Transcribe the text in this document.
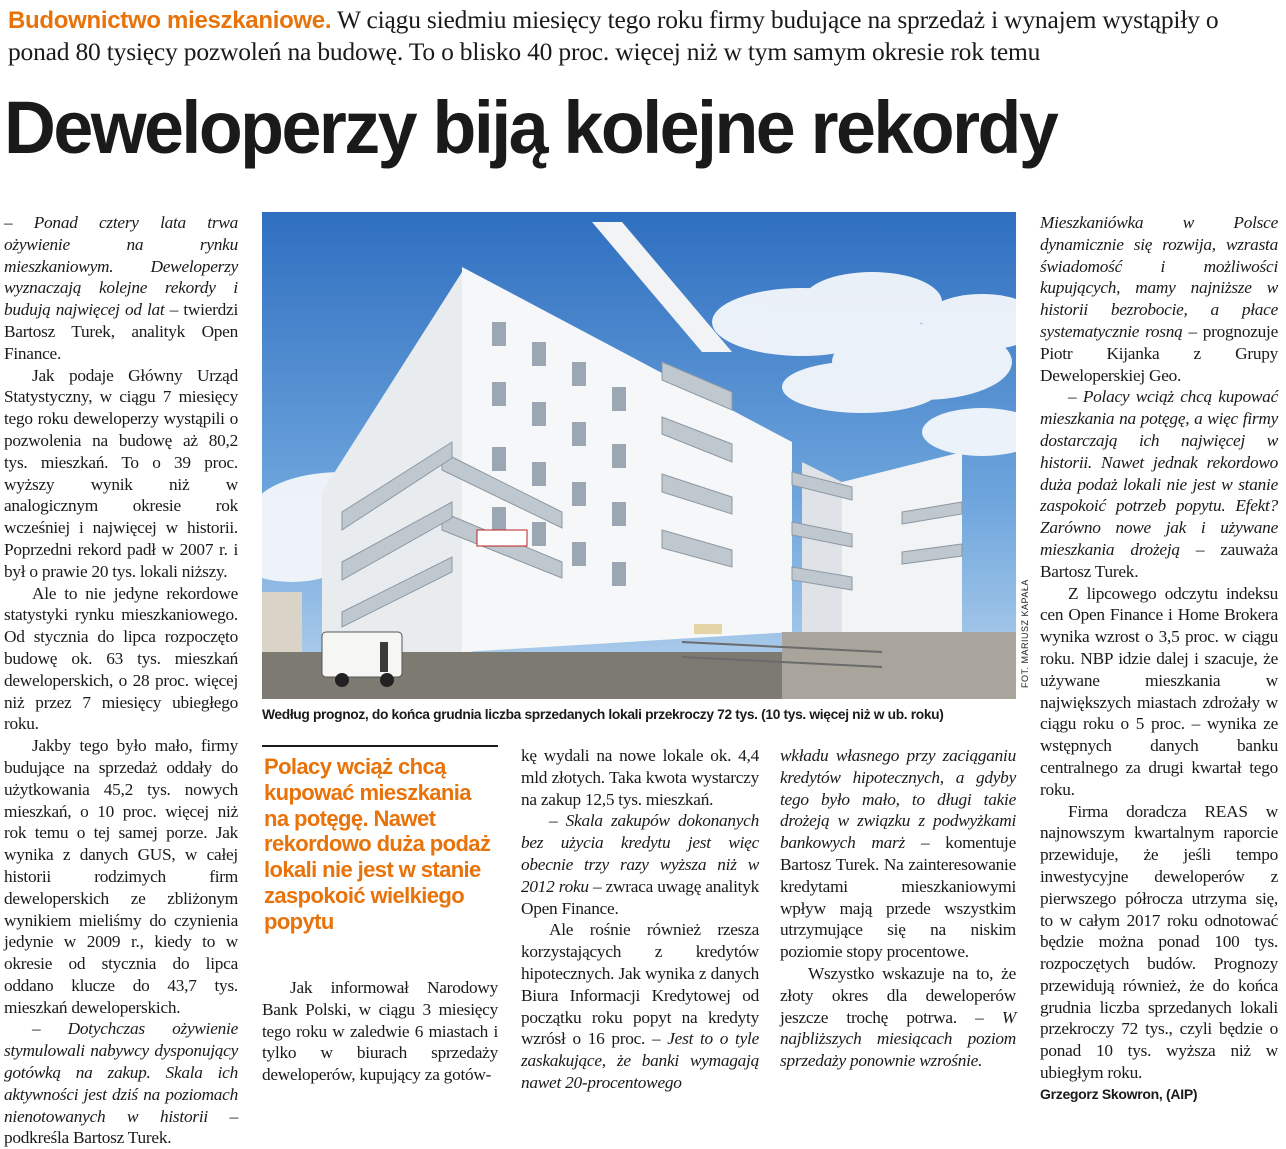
Budownictwo mieszkaniowe. W ciągu siedmiu miesięcy tego roku firmy budujące na sprzedaż i wynajem wystąpiły o ponad 80 tysięcy pozwoleń na budowę. To o blisko 40 proc. więcej niż w tym samym okresie rok temu
Deweloperzy biją kolejne rekordy

– Ponad cztery lata trwa ożywienie na rynku mieszkaniowym. Deweloperzy wyznaczają kolejne rekordy i budują najwięcej od lat – twierdzi Bartosz Turek, analityk Open Finance.

Jak podaje Główny Urząd Statystyczny, w ciągu 7 miesięcy tego roku deweloperzy wystąpili o pozwolenia na budowę aż 80,2 tys. mieszkań. To o 39 proc. wyższy wynik niż w analogicznym okresie rok wcześniej i najwięcej w historii. Poprzedni rekord padł w 2007 r. i był o prawie 20 tys. lokali niższy.

Ale to nie jedyne rekordowe statystyki rynku mieszkaniowego. Od stycznia do lipca rozpoczęto budowę ok. 63 tys. mieszkań deweloperskich, o 28 proc. więcej niż przez 7 miesięcy ubiegłego roku.

Jakby tego było mało, firmy budujące na sprzedaż oddały do użytkowania 45,2 tys. nowych mieszkań, o 10 proc. więcej niż rok temu o tej samej porze. Jak wynika z danych GUS, w całej historii rodzimych firm deweloperskich ze zbliżonym wynikiem mieliśmy do czynienia jedynie w 2009 r., kiedy to w okresie od stycznia do lipca oddano klucze do 43,7 tys. mieszkań deweloperskich.

– Dotychczas ożywienie stymulowali nabywcy dysponujący gotówką na zakup. Skala ich aktywności jest dziś na poziomach nienotowanych w historii – podkreśla Bartosz Turek.

FOT. MARIUSZ KAPAŁA
Według prognoz, do końca grudnia liczba sprzedanych lokali przekroczy 72 tys. (10 tys. więcej niż w ub. roku)
Polacy wciąż chcą kupować mieszkania na potęgę. Nawet rekordowo duża podaż lokali nie jest w stanie zaspokoić wielkiego popytu

Jak informował Narodowy Bank Polski, w ciągu 3 miesięcy tego roku w zaledwie 6 miastach i tylko w biurach sprzedaży deweloperów, kupujący za gotów-

kę wydali na nowe lokale ok. 4,4 mld złotych. Taka kwota wystarczy na zakup 12,5 tys. mieszkań.

– Skala zakupów dokonanych bez użycia kredytu jest więc obecnie trzy razy wyższa niż w 2012 roku – zwraca uwagę analityk Open Finance.

Ale rośnie również rzesza korzystających z kredytów hipotecznych. Jak wynika z danych Biura Informacji Kredytowej od początku roku popyt na kredyty wzrósł o 16 proc. – Jest to o tyle zaskakujące, że banki wymagają nawet 20-procentowego

wkładu własnego przy zaciąganiu kredytów hipotecznych, a gdyby tego było mało, to długi takie drożeją w związku z podwyżkami bankowych marż – komentuje Bartosz Turek. Na zainteresowanie kredytami mieszkaniowymi wpływ mają przede wszystkim utrzymujące się na niskim poziomie stopy procentowe.

Wszystko wskazuje na to, że złoty okres dla deweloperów jeszcze trochę potrwa. – W najbliższych miesiącach poziom sprzedaży ponownie wzrośnie.

Mieszkaniówka w Polsce dynamicznie się rozwija, wzrasta świadomość i możliwości kupujących, mamy najniższe w historii bezrobocie, a płace systematycznie rosną – prognozuje Piotr Kijanka z Grupy Deweloperskiej Geo.

– Polacy wciąż chcą kupować mieszkania na potęgę, a więc firmy dostarczają ich najwięcej w historii. Nawet jednak rekordowo duża podaż lokali nie jest w stanie zaspokoić potrzeb popytu. Efekt? Zarówno nowe jak i używane mieszkania drożeją – zauważa Bartosz Turek.

Z lipcowego odczytu indeksu cen Open Finance i Home Brokera wynika wzrost o 3,5 proc. w ciągu roku. NBP idzie dalej i szacuje, że używane mieszkania w największych miastach zdrożały w ciągu roku o 5 proc. – wynika ze wstępnych danych banku centralnego za drugi kwartał tego roku.

Firma doradcza REAS w najnowszym kwartalnym raporcie przewiduje, że jeśli tempo inwestycyjne deweloperów z pierwszego półrocza utrzyma się, to w całym 2017 roku odnotować będzie można ponad 100 tys. rozpoczętych budów. Prognozy przewidują również, że do końca grudnia liczba sprzedanych lokali przekroczy 72 tys., czyli będzie o ponad 10 tys. wyższa niż w ubiegłym roku.

Grzegorz Skowron, (AIP)
